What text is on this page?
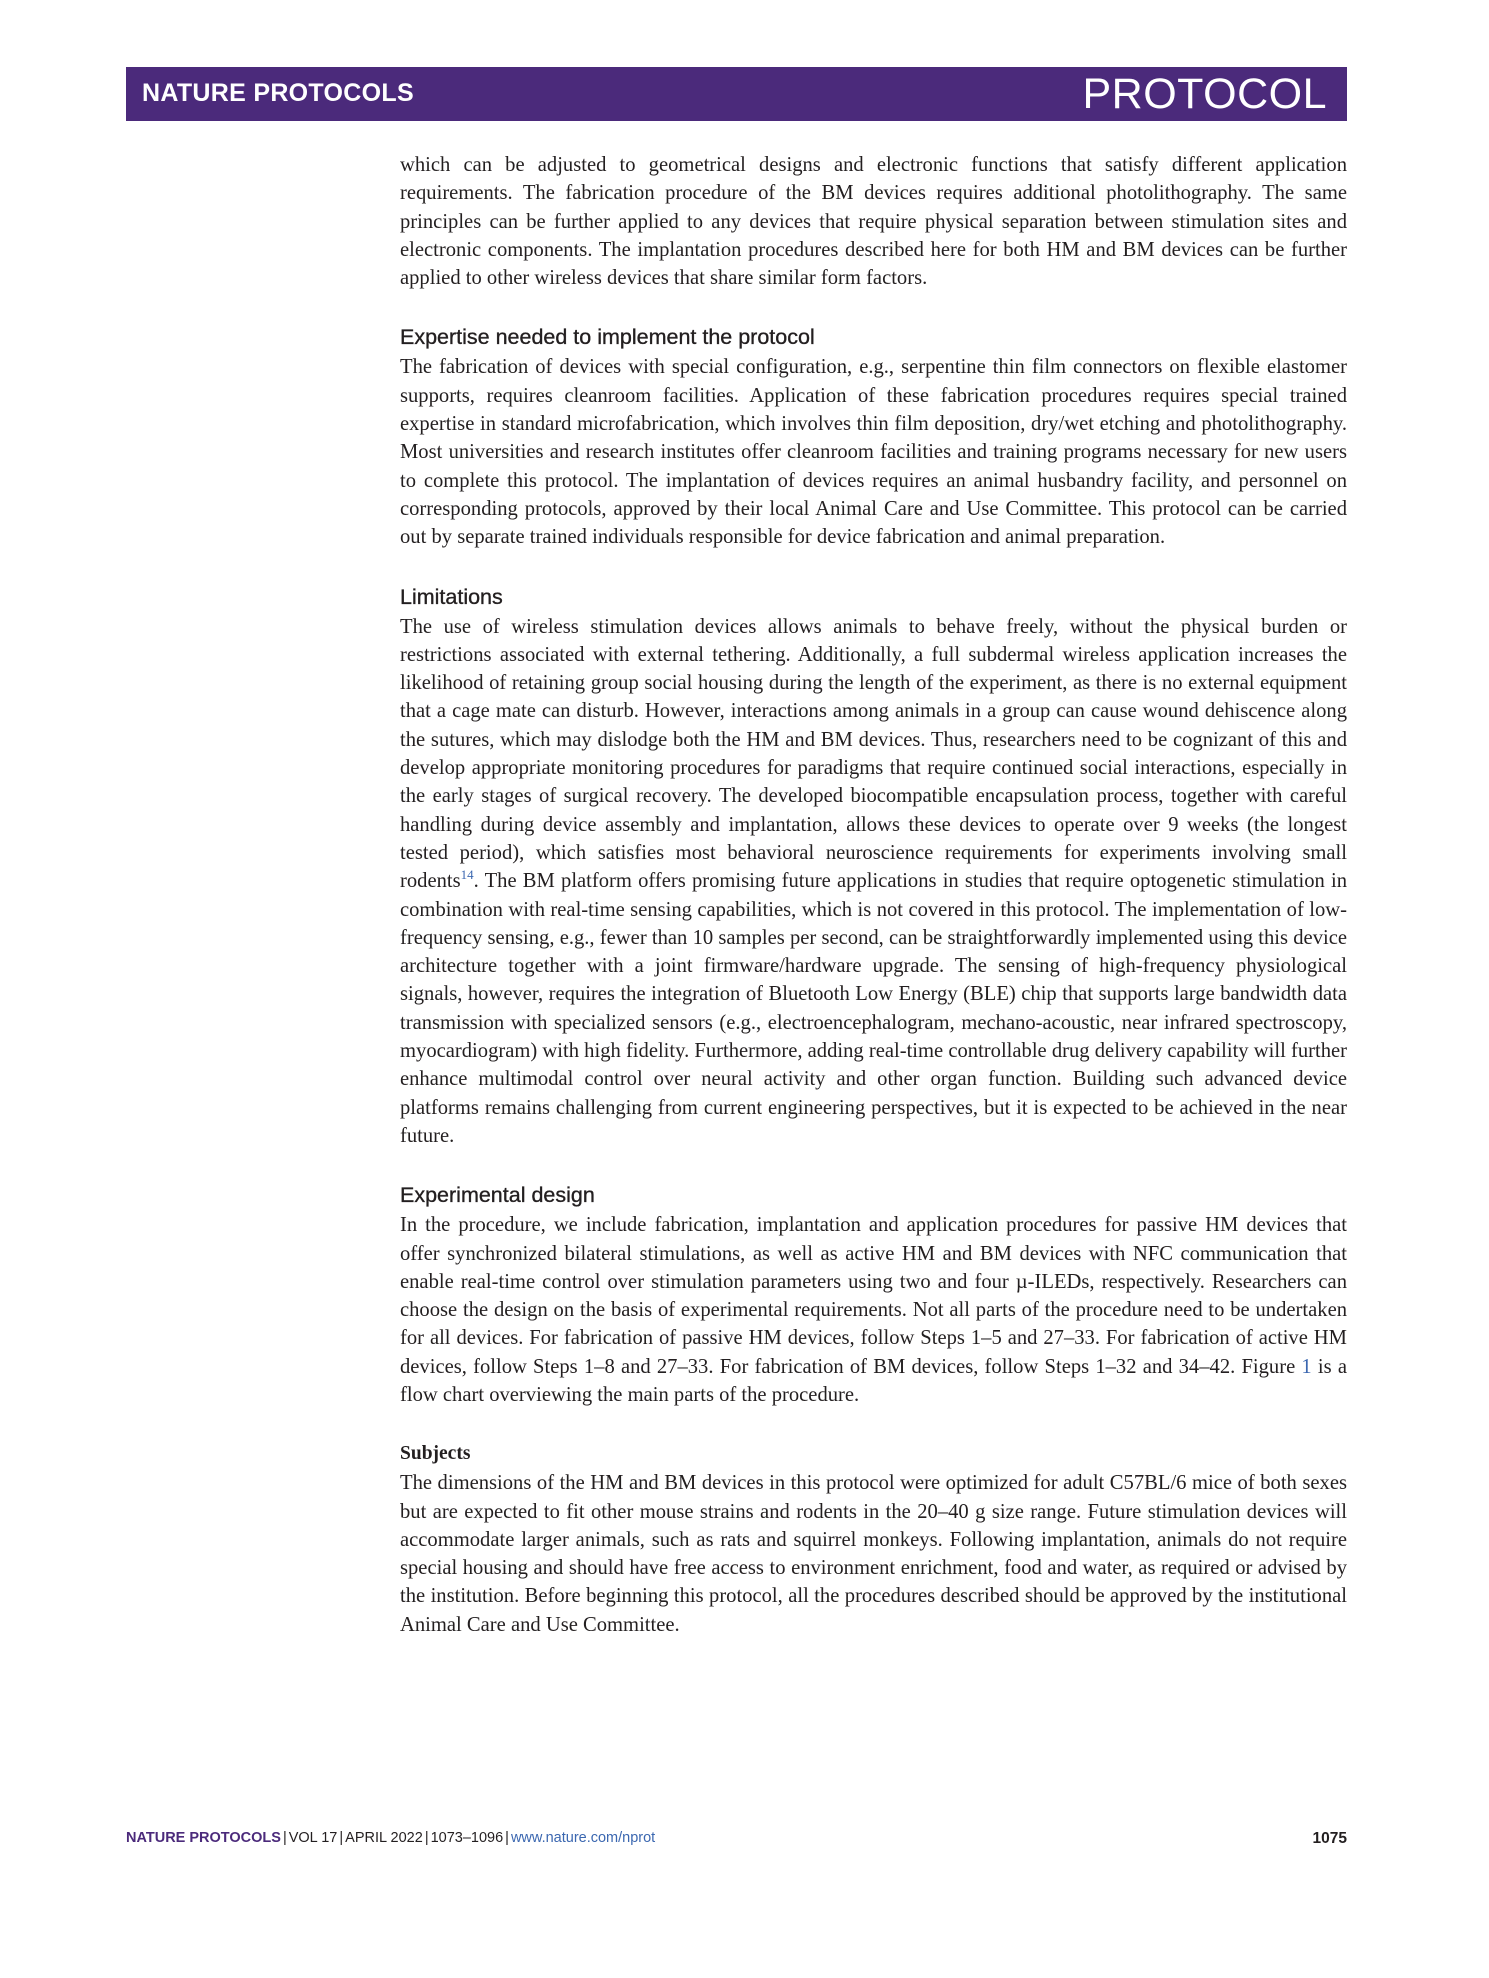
NATURE PROTOCOLS	PROTOCOL

which can be adjusted to geometrical designs and electronic functions that satisfy different application requirements. The fabrication procedure of the BM devices requires additional photolithography. The same principles can be further applied to any devices that require physical separation between stimulation sites and electronic components. The implantation procedures described here for both HM and BM devices can be further applied to other wireless devices that share similar form factors.

Expertise needed to implement the protocol

The fabrication of devices with special configuration, e.g., serpentine thin film connectors on flexible elastomer supports, requires cleanroom facilities. Application of these fabrication procedures requires special trained expertise in standard microfabrication, which involves thin film deposition, dry/wet etching and photolithography. Most universities and research institutes offer cleanroom facilities and training programs necessary for new users to complete this protocol. The implantation of devices requires an animal husbandry facility, and personnel on corresponding protocols, approved by their local Animal Care and Use Committee. This protocol can be carried out by separate trained individuals responsible for device fabrication and animal preparation.

Limitations

The use of wireless stimulation devices allows animals to behave freely, without the physical burden or restrictions associated with external tethering. Additionally, a full subdermal wireless application increases the likelihood of retaining group social housing during the length of the experiment, as there is no external equipment that a cage mate can disturb. However, interactions among animals in a group can cause wound dehiscence along the sutures, which may dislodge both the HM and BM devices. Thus, researchers need to be cognizant of this and develop appropriate monitoring procedures for paradigms that require continued social interactions, especially in the early stages of surgical recovery. The developed biocompatible encapsulation process, together with careful handling during device assembly and implantation, allows these devices to operate over 9 weeks (the longest tested period), which satisfies most behavioral neuroscience requirements for experiments involving small rodents$^{14}$. The BM platform offers promising future applications in studies that require optogenetic stimulation in combination with real-time sensing capabilities, which is not covered in this protocol. The implementation of low-frequency sensing, e.g., fewer than 10 samples per second, can be straightforwardly implemented using this device architecture together with a joint firmware/hardware upgrade. The sensing of high-frequency physiological signals, however, requires the integration of Bluetooth Low Energy (BLE) chip that supports large bandwidth data transmission with specialized sensors (e.g., electroencephalogram, mechano-acoustic, near infrared spectroscopy, myocardiogram) with high fidelity. Furthermore, adding real-time controllable drug delivery capability will further enhance multimodal control over neural activity and other organ function. Building such advanced device platforms remains challenging from current engineering perspectives, but it is expected to be achieved in the near future.

Experimental design

In the procedure, we include fabrication, implantation and application procedures for passive HM devices that offer synchronized bilateral stimulations, as well as active HM and BM devices with NFC communication that enable real-time control over stimulation parameters using two and four µ-ILEDs, respectively. Researchers can choose the design on the basis of experimental requirements. Not all parts of the procedure need to be undertaken for all devices. For fabrication of passive HM devices, follow Steps 1–5 and 27–33. For fabrication of active HM devices, follow Steps 1–8 and 27–33. For fabrication of BM devices, follow Steps 1–32 and 34–42. Figure 1 is a flow chart overviewing the main parts of the procedure.

Subjects

The dimensions of the HM and BM devices in this protocol were optimized for adult C57BL/6 mice of both sexes but are expected to fit other mouse strains and rodents in the 20–40 g size range. Future stimulation devices will accommodate larger animals, such as rats and squirrel monkeys. Following implantation, animals do not require special housing and should have free access to environment enrichment, food and water, as required or advised by the institution. Before beginning this protocol, all the procedures described should be approved by the institutional Animal Care and Use Committee.

NATURE PROTOCOLS | VOL 17 | APRIL 2022 | 1073–1096 | www.nature.com/nprot	1075
